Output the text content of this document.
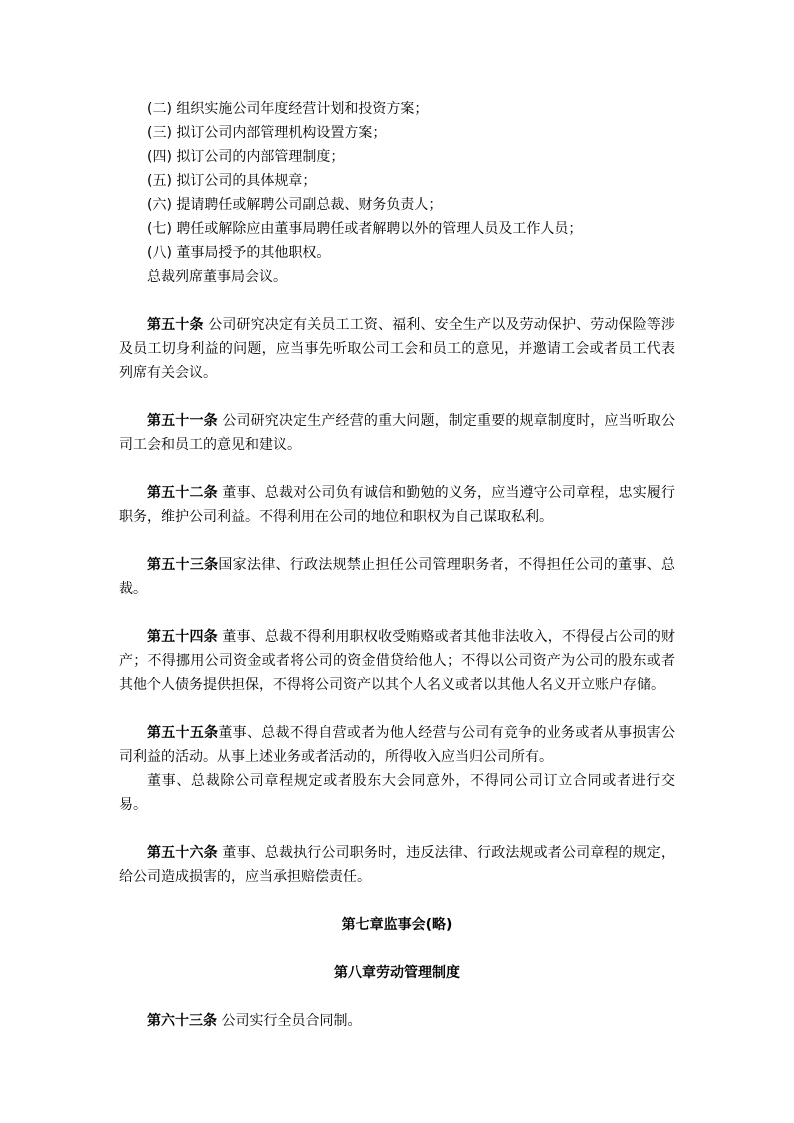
(二) 组织实施公司年度经营计划和投资方案；

(三) 拟订公司内部管理机构设置方案；

(四) 拟订公司的内部管理制度；

(五) 拟订公司的具体规章；

(六) 提请聘任或解聘公司副总裁、财务负责人；

(七) 聘任或解除应由董事局聘任或者解聘以外的管理人员及工作人员；

(八) 董事局授予的其他职权。

总裁列席董事局会议。

第五十条 公司研究决定有关员工工资、福利、安全生产以及劳动保护、劳动保险等涉及员工切身利益的问题，应当事先听取公司工会和员工的意见，并邀请工会或者员工代表列席有关会议。

第五十一条 公司研究决定生产经营的重大问题，制定重要的规章制度时，应当听取公司工会和员工的意见和建议。

第五十二条 董事、总裁对公司负有诚信和勤勉的义务，应当遵守公司章程，忠实履行职务，维护公司利益。不得利用在公司的地位和职权为自己谋取私利。

第五十三条国家法律、行政法规禁止担任公司管理职务者，不得担任公司的董事、总裁。

第五十四条 董事、总裁不得利用职权收受贿赂或者其他非法收入，不得侵占公司的财产；不得挪用公司资金或者将公司的资金借贷给他人；不得以公司资产为公司的股东或者其他个人债务提供担保，不得将公司资产以其个人名义或者以其他人名义开立账户存储。

第五十五条董事、总裁不得自营或者为他人经营与公司有竞争的业务或者从事损害公司利益的活动。从事上述业务或者活动的，所得收入应当归公司所有。

董事、总裁除公司章程规定或者股东大会同意外，不得同公司订立合同或者进行交易。

第五十六条 董事、总裁执行公司职务时，违反法律、行政法规或者公司章程的规定，给公司造成损害的，应当承担赔偿责任。

第七章监事会(略)

第八章劳动管理制度

第六十三条 公司实行全员合同制。
